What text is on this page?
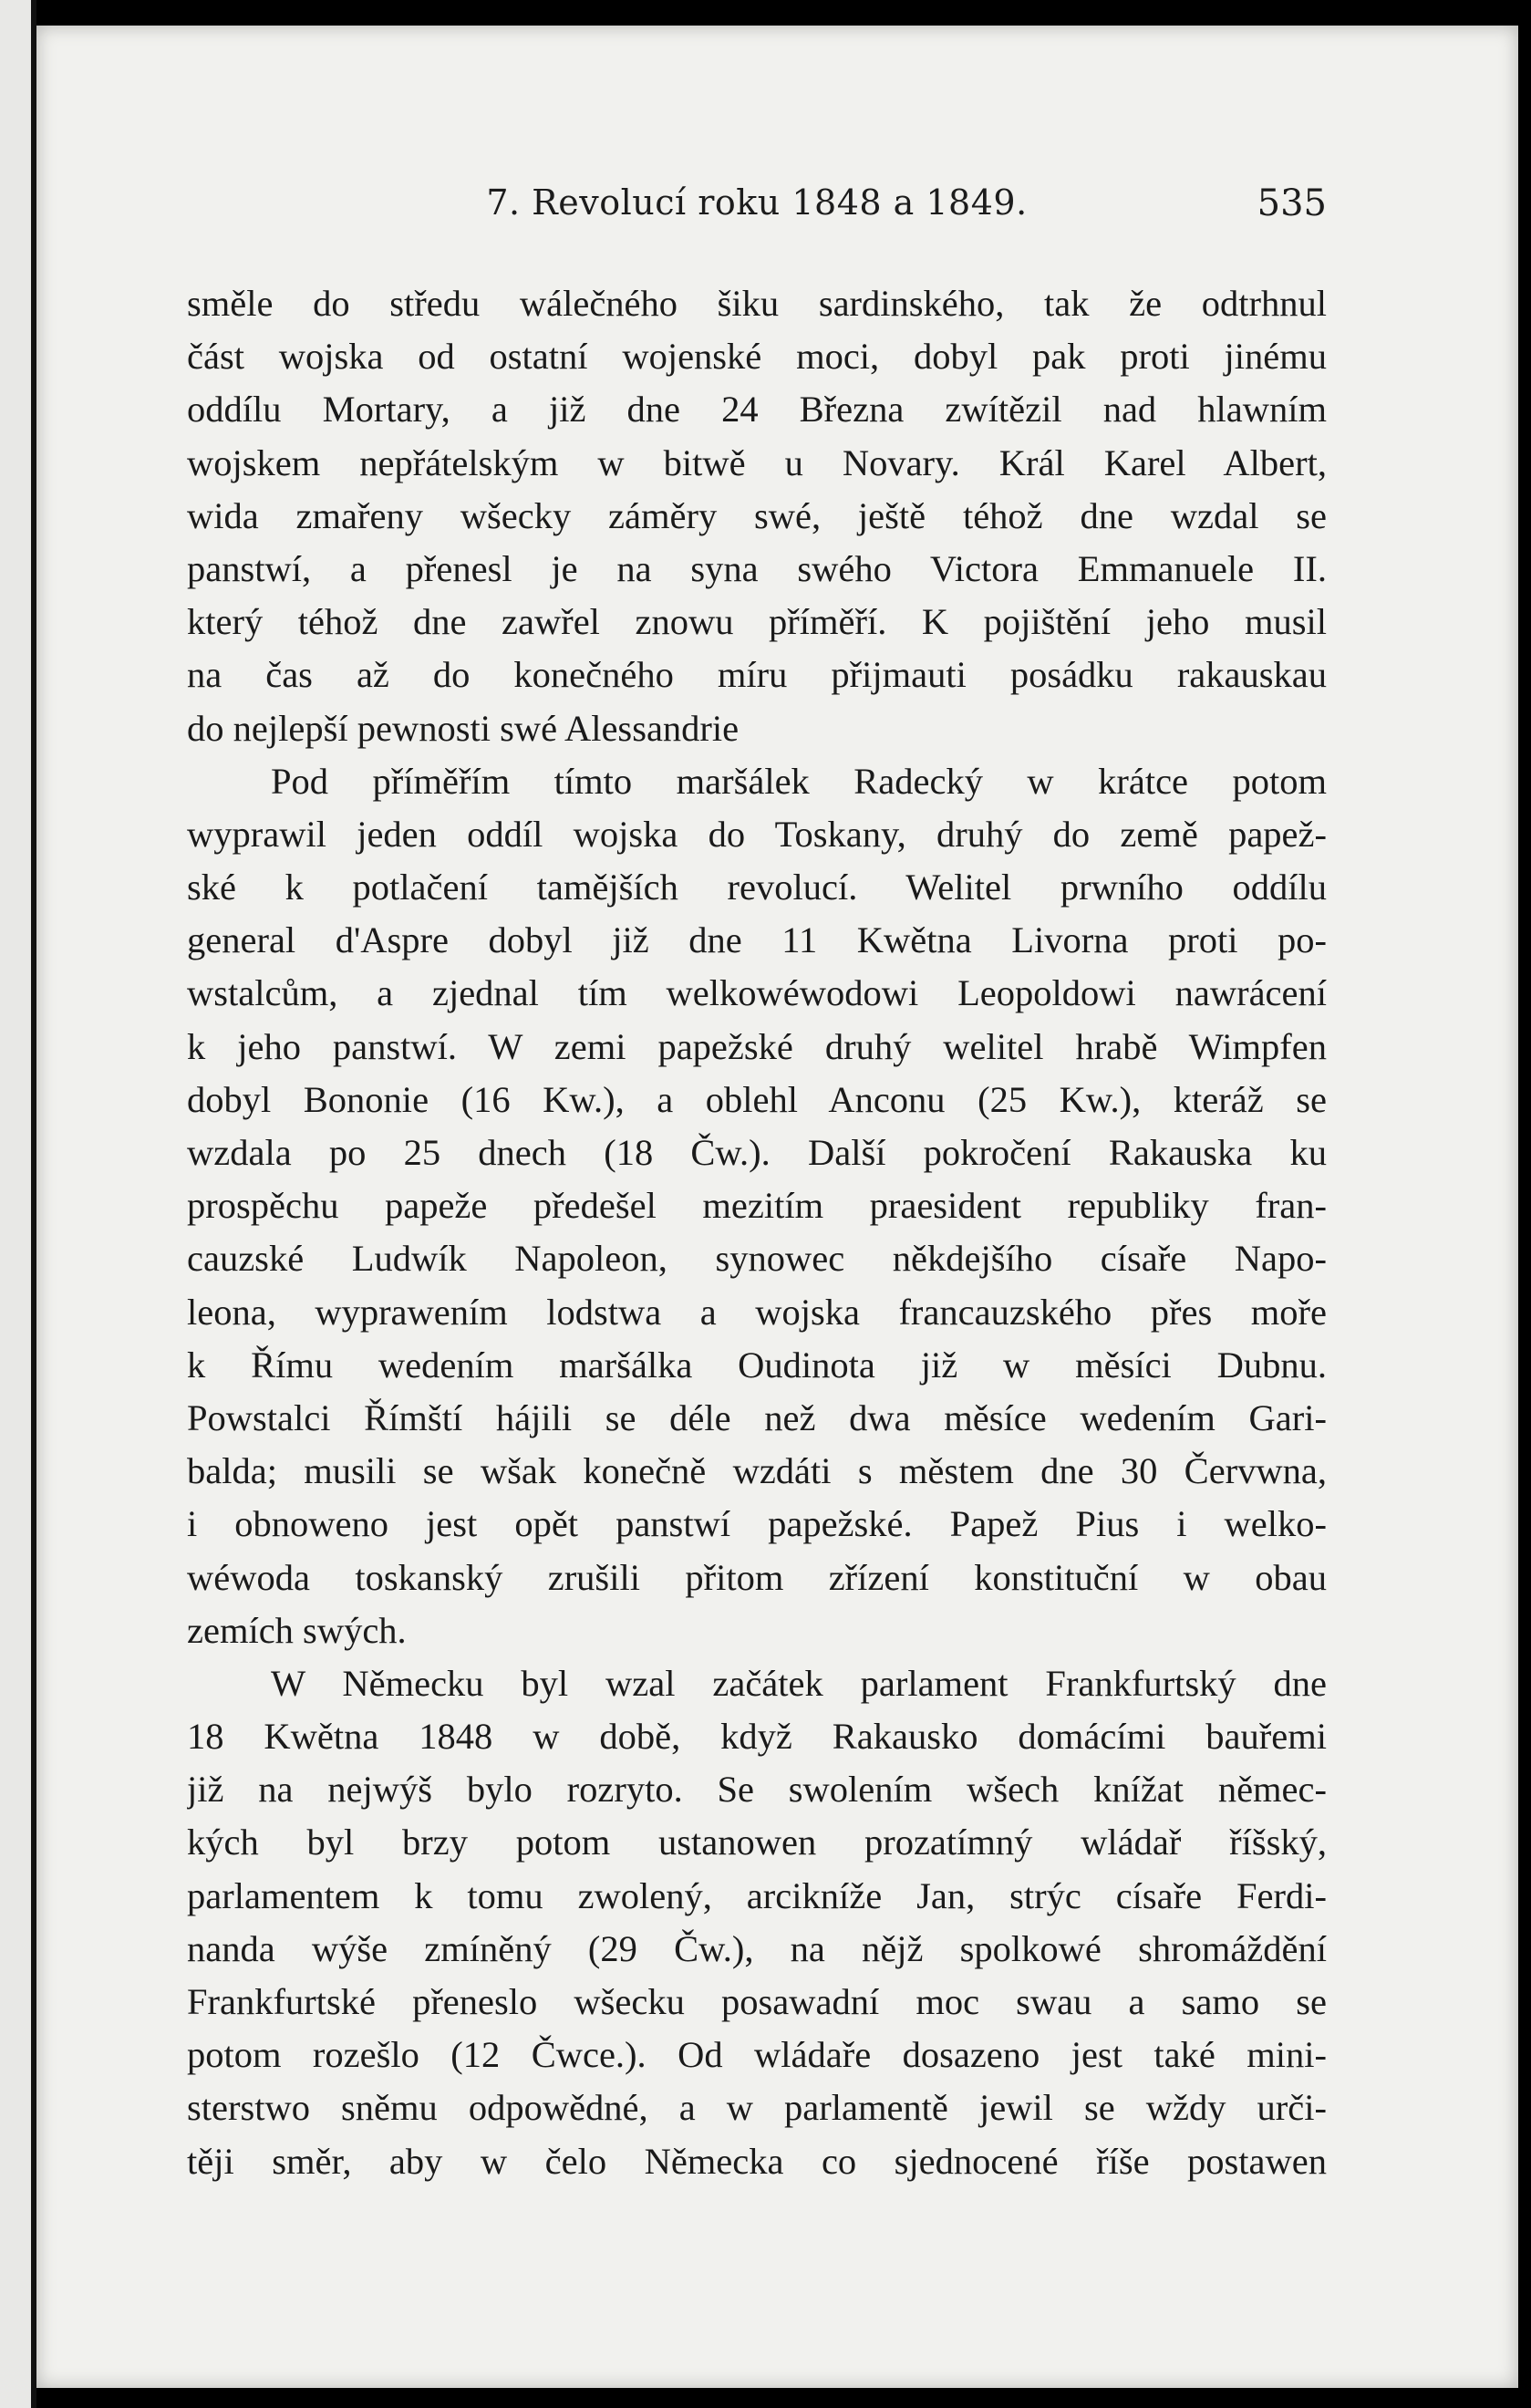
7. Revolucí roku 1848 a 1849.	535
směle do středu wálečného šiku sardinského, tak že odtrhnul
část wojska od ostatní wojenské moci, dobyl pak proti jinému
oddílu Mortary, a již dne 24 Března zwítězil nad hlawním
wojskem nepřátelským w bitwě u Novary. Král Karel Albert,
wida zmařeny wšecky záměry swé, ještě téhož dne wzdal se
panstwí, a přenesl je na syna swého Victora Emmanuele II.
který téhož dne zawřel znowu příměří. K pojištění jeho musil
na čas až do konečného míru přijmauti posádku rakauskau
do nejlepší pewnosti swé Alessandrie
Pod příměřím tímto maršálek Radecký w krátce potom
wyprawil jeden oddíl wojska do Toskany, druhý do země papež-
ské k potlačení tamějších revolucí. Welitel prwního oddílu
general d'Aspre dobyl již dne 11 Kwětna Livorna proti po-
wstalcům, a zjednal tím welkowéwodowi Leopoldowi nawrácení
k jeho panstwí. W zemi papežské druhý welitel hrabě Wimpfen
dobyl Bononie (16 Kw.), a oblehl Anconu (25 Kw.), kteráž se
wzdala po 25 dnech (18 Čw.). Další pokročení Rakauska ku
prospěchu papeže předešel mezitím praesident republiky fran-
cauzské Ludwík Napoleon, synowec někdejšího císaře Napo-
leona, wyprawením lodstwa a wojska francauzského přes moře
k Římu wedením maršálka Oudinota již w měsíci Dubnu.
Powstalci Římští hájili se déle než dwa měsíce wedením Gari-
balda; musili se wšak konečně wzdáti s městem dne 30 Červwna,
i obnoweno jest opět panstwí papežské. Papež Pius i welko-
wéwoda toskanský zrušili přitom zřízení konstituční w obau
zemích swých.
W Německu byl wzal začátek parlament Frankfurtský dne
18 Kwětna 1848 w době, když Rakausko domácími bauřemi
již na nejwýš bylo rozryto. Se swolením wšech knížat němec-
kých byl brzy potom ustanowen prozatímný wládař říšský,
parlamentem k tomu zwolený, arcikníže Jan, strýc císaře Ferdi-
nanda wýše zmíněný (29 Čw.), na nějž spolkowé shromáždění
Frankfurtské přeneslo wšecku posawadní moc swau a samo se
potom rozešlo (12 Čwce.). Od wládaře dosazeno jest také mini-
sterstwo sněmu odpowědné, a w parlamentě jewil se wždy urči-
těji směr, aby w čelo Německa co sjednocené říše postawen
